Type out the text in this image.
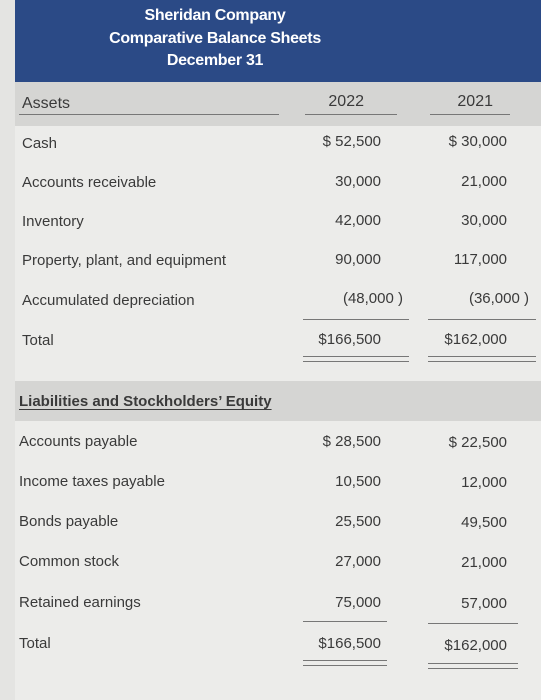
Sheridan Company
Comparative Balance Sheets
December 31
Assets	2022	2021
Cash	$ 52,500	$ 30,000
Accounts receivable	30,000	21,000
Inventory	42,000	30,000
Property, plant, and equipment	90,000	117,000
Accumulated depreciation	(48,000 )	(36,000 )
Total	$166,500	$162,000
Liabilities and Stockholders’ Equity
Accounts payable	$ 28,500	$ 22,500
Income taxes payable	10,500	12,000
Bonds payable	25,500	49,500
Common stock	27,000	21,000
Retained earnings	75,000	57,000
Total	$166,500	$162,000
